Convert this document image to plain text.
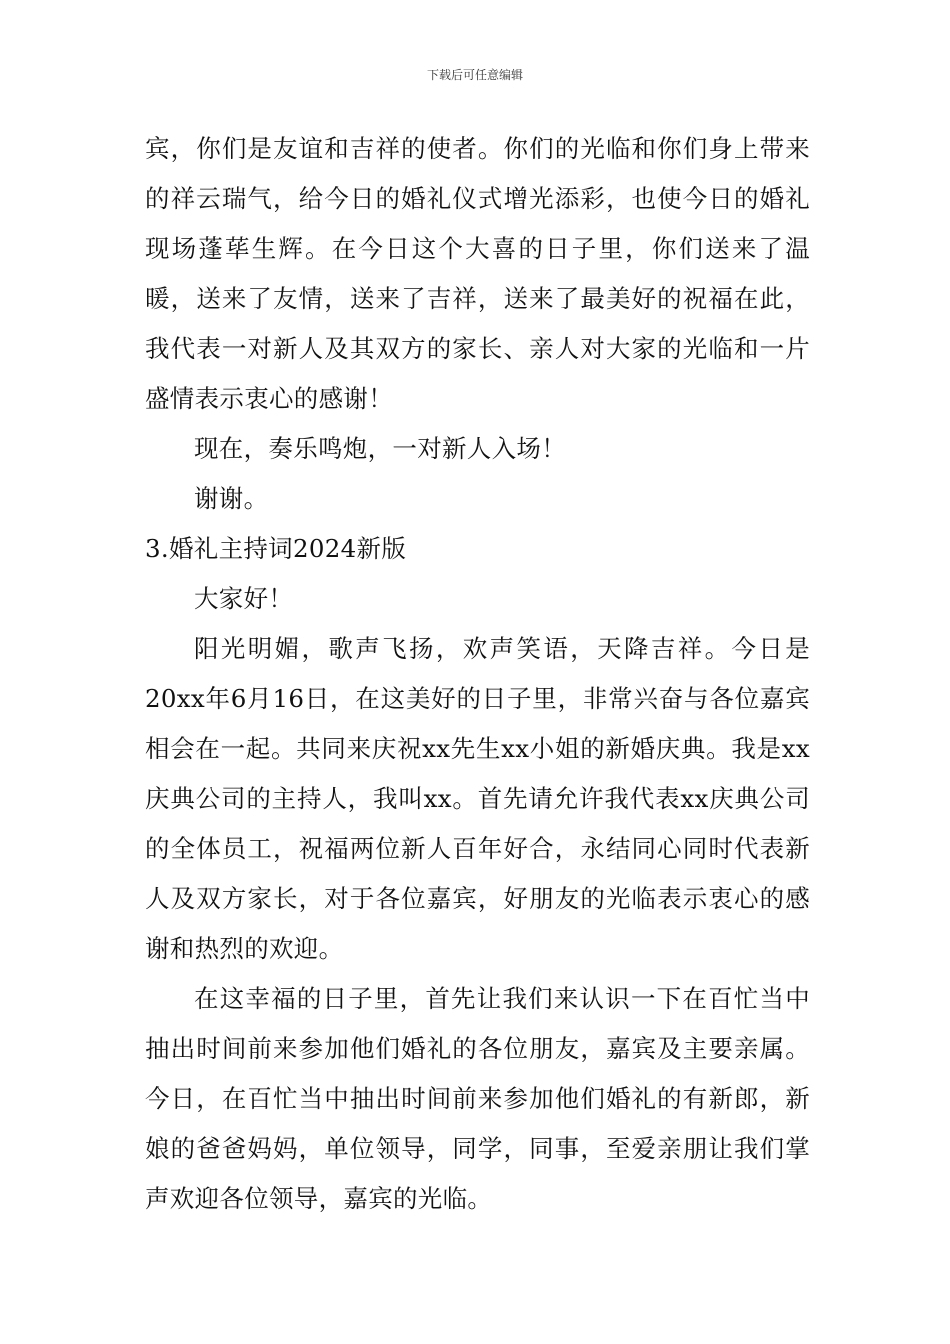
下载后可任意编辑

宾，你们是友谊和吉祥的使者。你们的光临和你们身上带来的祥云瑞气，给今日的婚礼仪式增光添彩，也使今日的婚礼现场蓬荜生辉。在今日这个大喜的日子里，你们送来了温暖，送来了友情，送来了吉祥，送来了最美好的祝福在此，我代表一对新人及其双方的家长、亲人对大家的光临和一片盛情表示衷心的感谢！

现在，奏乐鸣炮，一对新人入场！

谢谢。

3.婚礼主持词2024新版

大家好！

阳光明媚，歌声飞扬，欢声笑语，天降吉祥。今日是20xx年6月16日，在这美好的日子里，非常兴奋与各位嘉宾相会在一起。共同来庆祝xx先生xx小姐的新婚庆典。我是xx庆典公司的主持人，我叫xx。首先请允许我代表xx庆典公司的全体员工，祝福两位新人百年好合，永结同心同时代表新人及双方家长，对于各位嘉宾，好朋友的光临表示衷心的感谢和热烈的欢迎。

在这幸福的日子里，首先让我们来认识一下在百忙当中抽出时间前来参加他们婚礼的各位朋友，嘉宾及主要亲属。今日，在百忙当中抽出时间前来参加他们婚礼的有新郎，新娘的爸爸妈妈，单位领导，同学，同事，至爱亲朋让我们掌声欢迎各位领导，嘉宾的光临。
